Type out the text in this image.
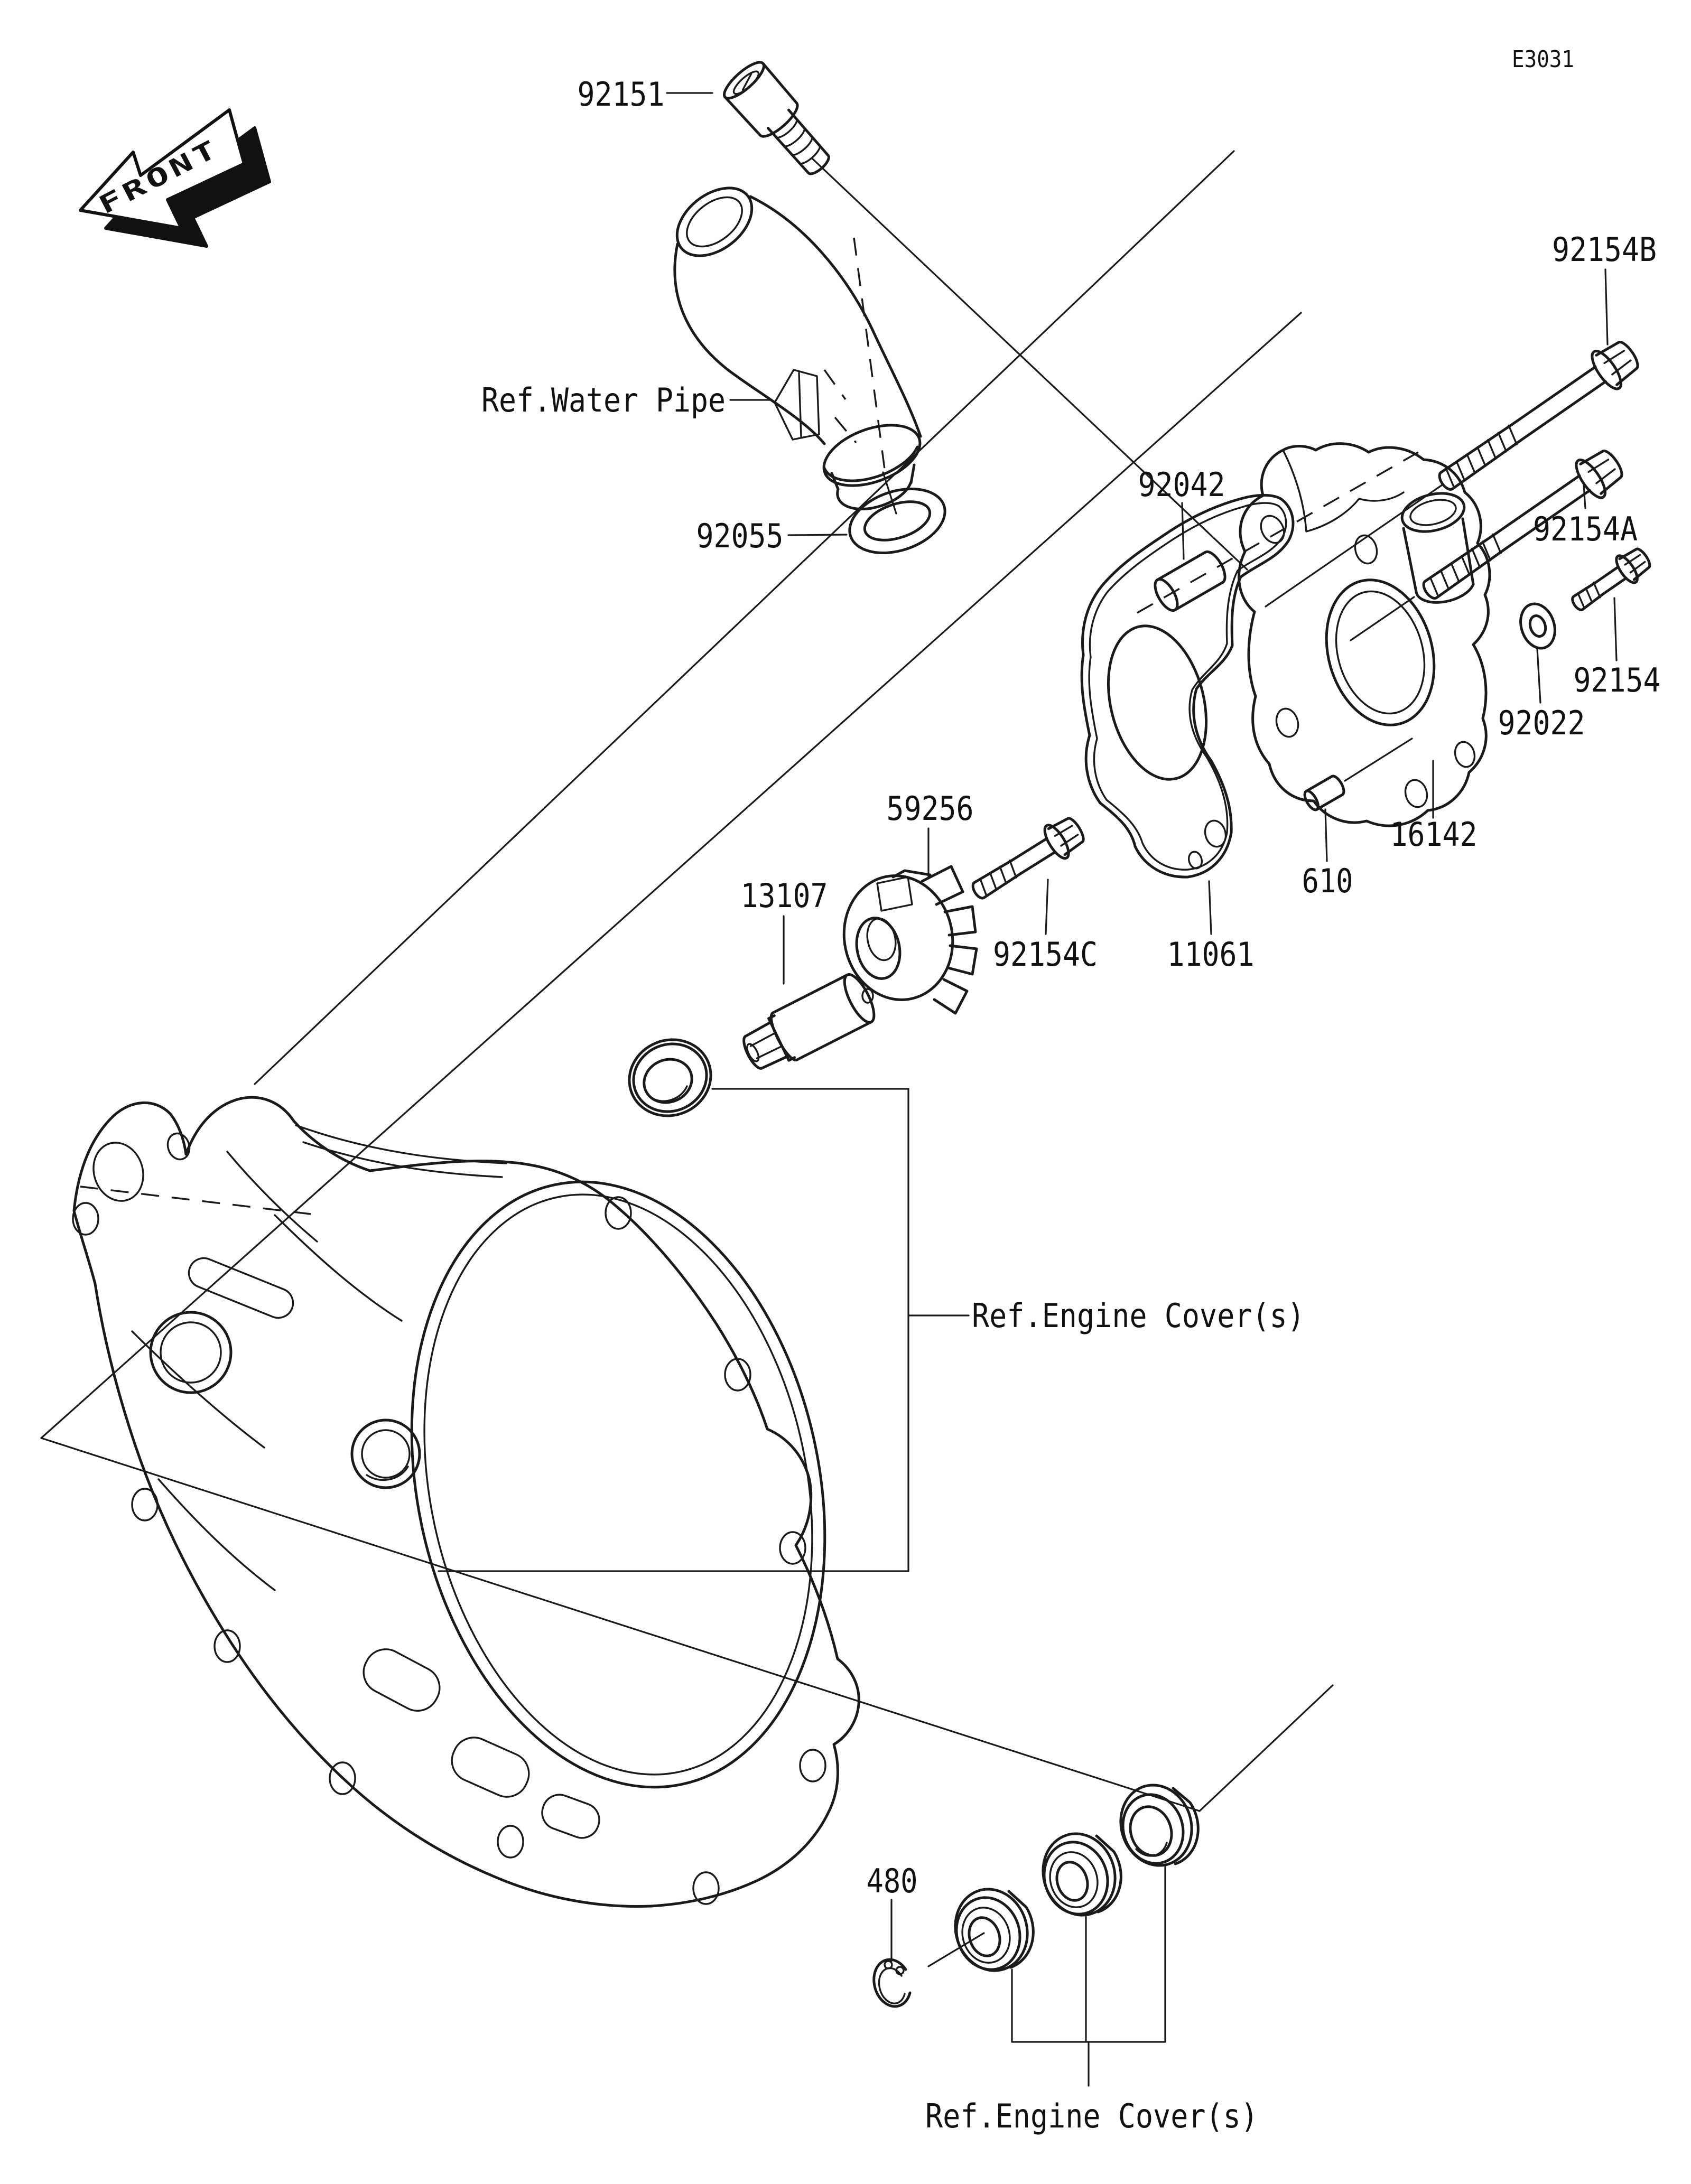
FRONT
E3031
92151
Ref.Water Pipe
92055
92042
92154B
92154A
92154
92022
16142
610
11061
92154C
59256
13107
Ref.Engine Cover(s)
480
Ref.Engine Cover(s)
